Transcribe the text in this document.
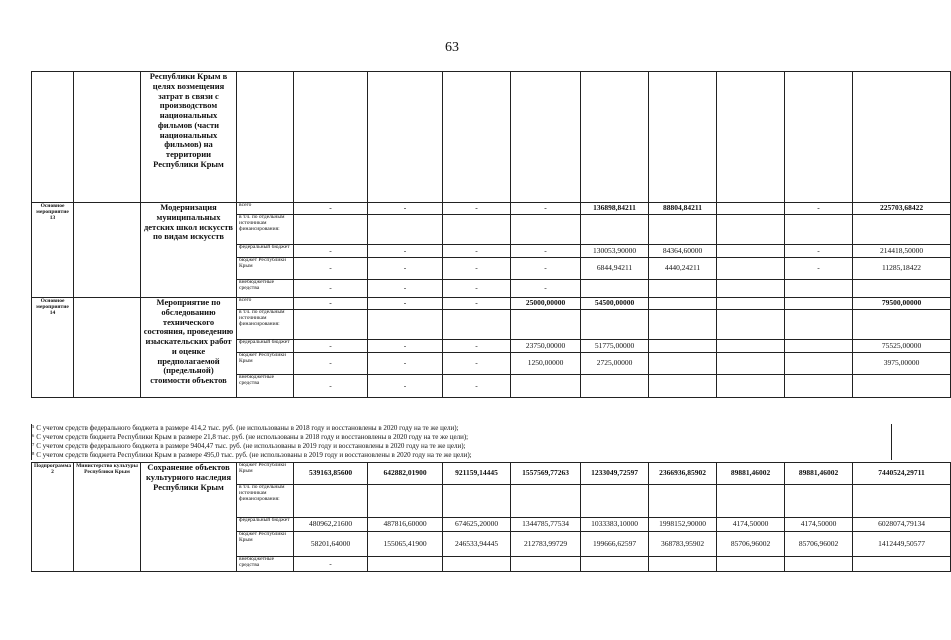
63
		Республики Крым в целях возмещения затрат в связи с производством национальных фильмов (части национальных фильмов) на территории Республики Крым										
Основное мероприятие 13		Модернизация муниципальных детских школ искусств по видам искусств	всего	-	-	-	-	136898,84211	88804,84211		-	225703,68422
			в т.ч. по отдельным источникам финансирования:									
			федеральный бюджет	-	-	-	-	130053,90000	84364,60000		-	214418,50000
			бюджет Республики Крым	-	-	-	-	6844,94211	4440,24211		-	11285,18422
			внебюджетные средства	-	-	-	-					
Основное мероприятие 14		Мероприятие по обследованию технического состояния, проведению изыскательских работ и оценке предполагаемой (предельной) стоимости объектов	всего	-	-	-	25000,00000	54500,00000				79500,00000
			в т.ч. по отдельным источникам финансирования:									
			федеральный бюджет	-	-	-	23750,00000	51775,00000				75525,00000
			бюджет Республики Крым	-	-	-	1250,00000	2725,00000				3975,00000
			внебюджетные средства	-	-	-						
⁵ С учетом средств федерального бюджета в размере 414,2 тыс. руб. (не использованы в 2018 году и восстановлены в 2020 году на те же цели);
⁶ С учетом средств бюджета Республики Крым в размере 21,8 тыс. руб. (не использованы в 2018 году и восстановлены в 2020 году на те же цели);
⁷ С учетом средств федерального бюджета в размере 9404,47 тыс. руб. (не использованы в 2019 году и восстановлены в 2020 году на те же цели);
⁸ С учетом средств бюджета Республики Крым в размере 495,0 тыс. руб. (не использованы в 2019 году и восстановлены в 2020 году на те же цели);
Подпрограмма 2	Министерство культуры Республики Крым	Сохранение объектов культурного наследия Республики Крым	бюджет Республики Крым	539163,85600	642882,01900	921159,14445	1557569,77263	1233049,72597	2366936,85902	89881,46002	89881,46002	7440524,29711
			в т.ч. по отдельным источникам финансирования:									
			федеральный бюджет	480962,21600	487816,60000	674625,20000	1344785,77534	1033383,10000	1998152,90000	4174,50000	4174,50000	6028074,79134
			бюджет Республики Крым	58201,64000	155065,41900	246533,94445	212783,99729	199666,62597	368783,95902	85706,96002	85706,96002	1412449,50577
			внебюджетные средства	-								
